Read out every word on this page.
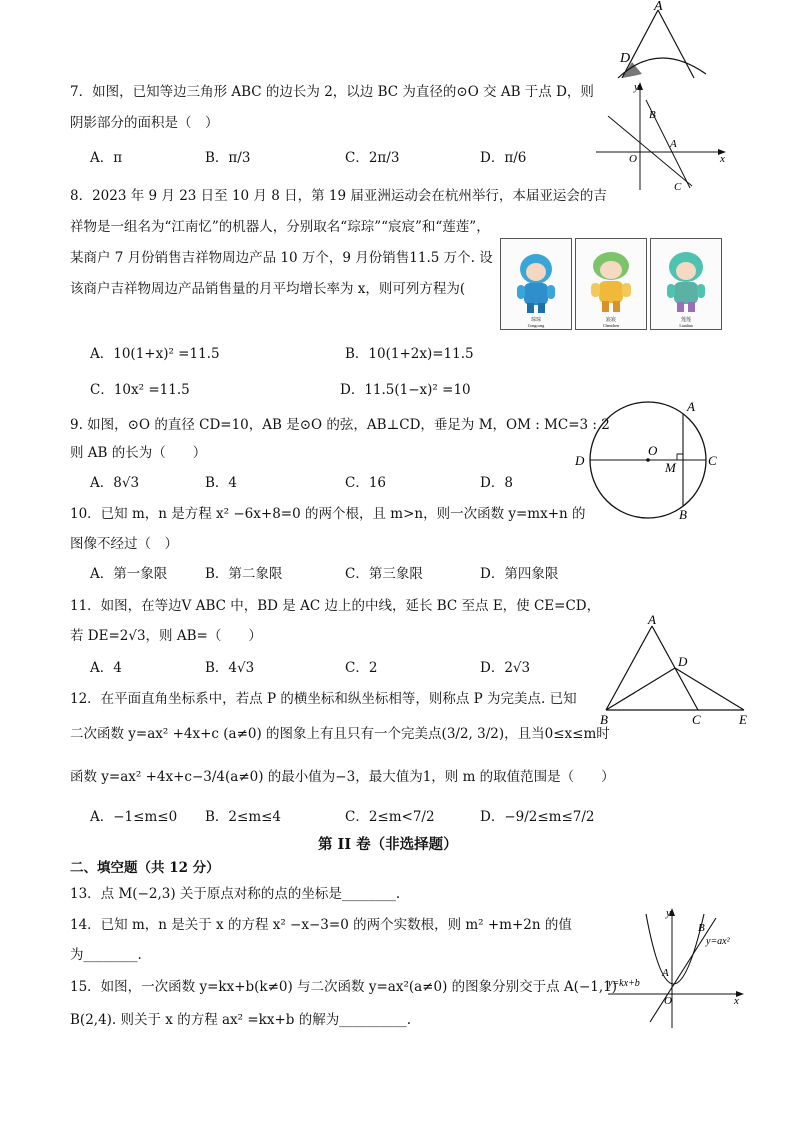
A
D
7．如图，已知等边三角形 ABC 的边长为 2，以边 BC 为直径的⊙O 交 AB 于点 D，则
阴影部分的面积是（　）
A．π	B．π/3	C．2π/3	D．π/6
y
B
A
O	x
C
8．2023 年 9 月 23 日至 10 月 8 日，第 19 届亚洲运动会在杭州举行，本届亚运会的吉
祥物是一组名为“江南忆”的机器人，分别取名“琮琮”“宸宸”和“莲莲”，
某商户 7 月份销售吉祥物周边产品 10 万个，9 月份销售11.5 万个. 设
该商户吉祥物周边产品销售量的月平均增长率为 x，则可列方程为(
琮琮
Congcong
宸宸
Chenchen
莲莲
Lianlian
A．10(1+x)² =11.5	B．10(1+2x)=11.5
C．10x² =11.5	D．11.5(1−x)² =10
9. 如图，⊙O 的直径 CD=10，AB 是⊙O 的弦，AB⊥CD，垂足为 M，OM : MC=3 : 2
则 AB 的长为（　　）
A．8√3	B．4	C．16	D．8
A
O
M C
D
B
10．已知 m，n 是方程 x² −6x+8=0 的两个根，且 m>n，则一次函数 y=mx+n 的
图像不经过（　）
A．第一象限	B．第二象限	C．第三象限	D．第四象限
11．如图，在等边V ABC 中，BD 是 AC 边上的中线，延长 BC 至点 E，使 CE=CD，
若 DE=2√3，则 AB=（　　）
A．4	B．4√3	C．2	D．2√3
A
D
B	C	E
12．在平面直角坐标系中，若点 P 的横坐标和纵坐标相等，则称点 P 为完美点. 已知
二次函数 y=ax² +4x+c (a≠0) 的图象上有且只有一个完美点(3/2, 3/2)，且当0≤x≤m时
函数 y=ax² +4x+c−3/4(a≠0) 的最小值为−3，最大值为1，则 m 的取值范围是（　　）
A．−1≤m≤0 B．2≤m≤4	C．2≤m<7/2	D．−9/2≤m≤7/2
第 II 卷（非选择题）
二、填空题（共 12 分）
13．点 M(−2,3) 关于原点对称的点的坐标是________.
14．已知 m，n 是关于 x 的方程 x² −x−3=0 的两个实数根，则 m² +m+2n 的值
为________.
15．如图，一次函数 y=kx+b(k≠0) 与二次函数 y=ax²(a≠0) 的图象分别交于点 A(−1,1)
B(2,4). 则关于 x 的方程 ax² =kx+b 的解为__________.
y
B
y=ax²
A
y=kx+b
O	x
